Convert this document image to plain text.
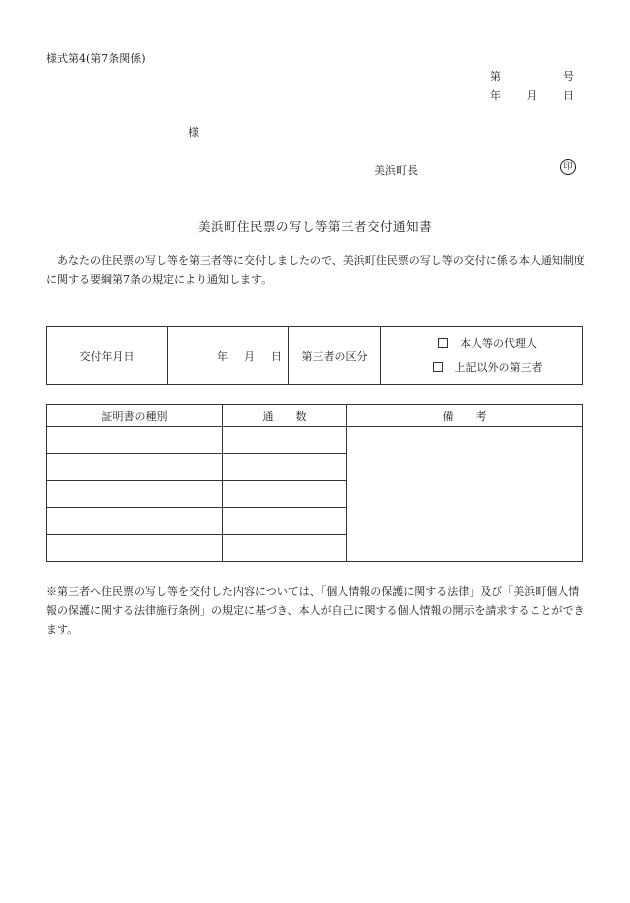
様式第4(第7条関係)
第	号
年 月 日
様
美浜町長	印
美浜町住民票の写し等第三者交付通知書
あなたの住民票の写し等を第三者等に交付しましたので、美浜町住民票の写し等の交付に係る本人通知制度に関する要綱第7条の規定により通知します。
交付年月日	年 月 日	第三者の区分	
本人等の代理人
上記以外の第三者
証明書の種別	通　　数	備　　考

※第三者へ住民票の写し等を交付した内容については、「個人情報の保護に関する法律」及び「美浜町個人情報の保護に関する法律施行条例」の規定に基づき、本人が自己に関する個人情報の開示を請求することができます。
